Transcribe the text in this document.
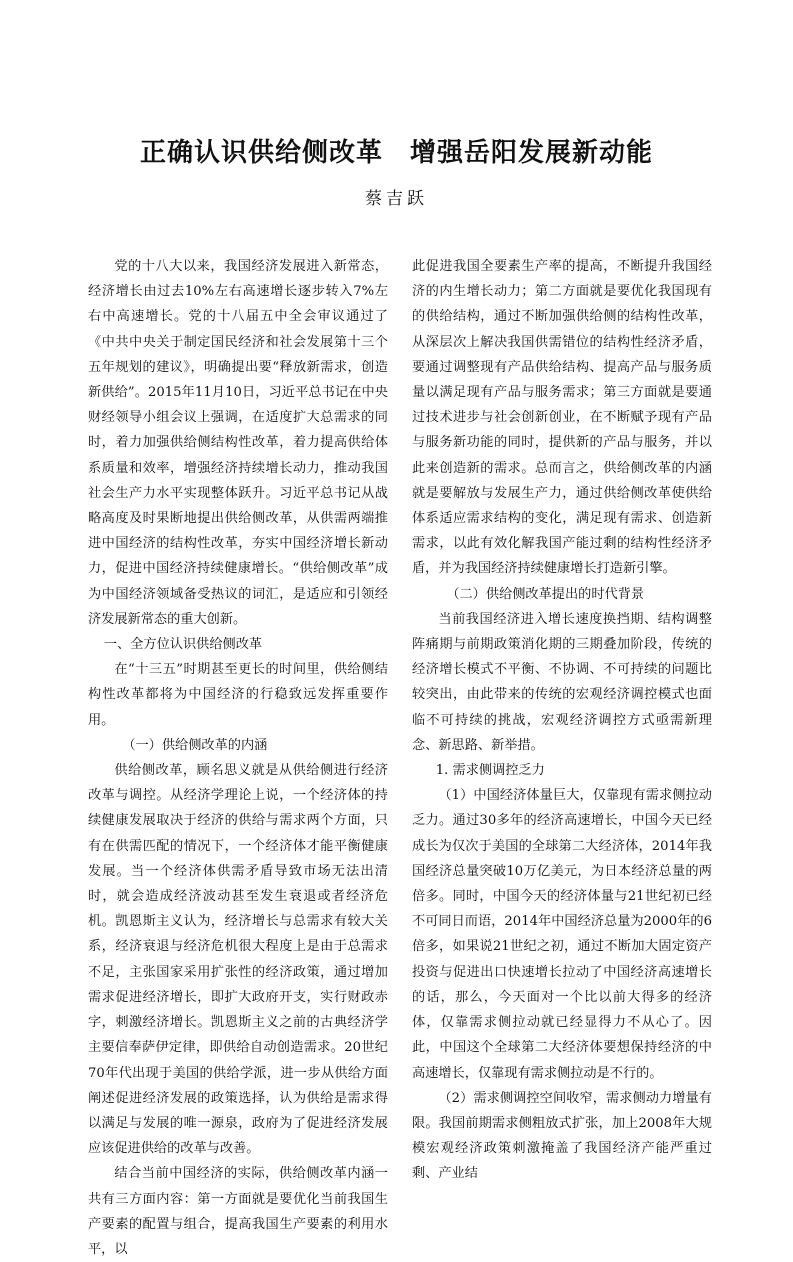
正确认识供给侧改革　增强岳阳发展新动能
蔡吉跃

党的十八大以来，我国经济发展进入新常态，经济增长由过去10%左右高速增长逐步转入7%左右中高速增长。党的十八届五中全会审议通过了《中共中央关于制定国民经济和社会发展第十三个五年规划的建议》，明确提出要“释放新需求，创造新供给”。2015年11月10日，习近平总书记在中央财经领导小组会议上强调，在适度扩大总需求的同时，着力加强供给侧结构性改革，着力提高供给体系质量和效率，增强经济持续增长动力，推动我国社会生产力水平实现整体跃升。习近平总书记从战略高度及时果断地提出供给侧改革，从供需两端推进中国经济的结构性改革，夯实中国经济增长新动力，促进中国经济持续健康增长。“供给侧改革”成为中国经济领域备受热议的词汇，是适应和引领经济发展新常态的重大创新。

一、全方位认识供给侧改革

在“十三五”时期甚至更长的时间里，供给侧结构性改革都将为中国经济的行稳致远发挥重要作用。

（一）供给侧改革的内涵

供给侧改革，顾名思义就是从供给侧进行经济改革与调控。从经济学理论上说，一个经济体的持续健康发展取决于经济的供给与需求两个方面，只有在供需匹配的情况下，一个经济体才能平衡健康发展。当一个经济体供需矛盾导致市场无法出清时，就会造成经济波动甚至发生衰退或者经济危机。凯恩斯主义认为，经济增长与总需求有较大关系，经济衰退与经济危机很大程度上是由于总需求不足，主张国家采用扩张性的经济政策，通过增加需求促进经济增长，即扩大政府开支，实行财政赤字，刺激经济增长。凯恩斯主义之前的古典经济学主要信奉萨伊定律，即供给自动创造需求。20世纪70年代出现于美国的供给学派，进一步从供给方面阐述促进经济发展的政策选择，认为供给是需求得以满足与发展的唯一源泉，政府为了促进经济发展应该促进供给的改革与改善。

结合当前中国经济的实际，供给侧改革内涵一共有三方面内容：第一方面就是要优化当前我国生产要素的配置与组合，提高我国生产要素的利用水平，以

此促进我国全要素生产率的提高，不断提升我国经济的内生增长动力；第二方面就是要优化我国现有的供给结构，通过不断加强供给侧的结构性改革，从深层次上解决我国供需错位的结构性经济矛盾，要通过调整现有产品供给结构、提高产品与服务质量以满足现有产品与服务需求；第三方面就是要通过技术进步与社会创新创业，在不断赋予现有产品与服务新功能的同时，提供新的产品与服务，并以此来创造新的需求。总而言之，供给侧改革的内涵就是要解放与发展生产力，通过供给侧改革使供给体系适应需求结构的变化，满足现有需求、创造新需求，以此有效化解我国产能过剩的结构性经济矛盾，并为我国经济持续健康增长打造新引擎。

（二）供给侧改革提出的时代背景

当前我国经济进入增长速度换挡期、结构调整阵痛期与前期政策消化期的三期叠加阶段，传统的经济增长模式不平衡、不协调、不可持续的问题比较突出，由此带来的传统的宏观经济调控模式也面临不可持续的挑战，宏观经济调控方式亟需新理念、新思路、新举措。

1. 需求侧调控乏力

（1）中国经济体量巨大，仅靠现有需求侧拉动乏力。通过30多年的经济高速增长，中国今天已经成长为仅次于美国的全球第二大经济体，2014年我国经济总量突破10万亿美元，为日本经济总量的两倍多。同时，中国今天的经济体量与21世纪初已经不可同日而语，2014年中国经济总量为2000年的6倍多，如果说21世纪之初，通过不断加大固定资产投资与促进出口快速增长拉动了中国经济高速增长的话，那么，今天面对一个比以前大得多的经济体，仅靠需求侧拉动就已经显得力不从心了。因此，中国这个全球第二大经济体要想保持经济的中高速增长，仅靠现有需求侧拉动是不行的。

（2）需求侧调控空间收窄，需求侧动力增量有限。我国前期需求侧粗放式扩张，加上2008年大规模宏观经济政策刺激掩盖了我国经济产能严重过剩、产业结
